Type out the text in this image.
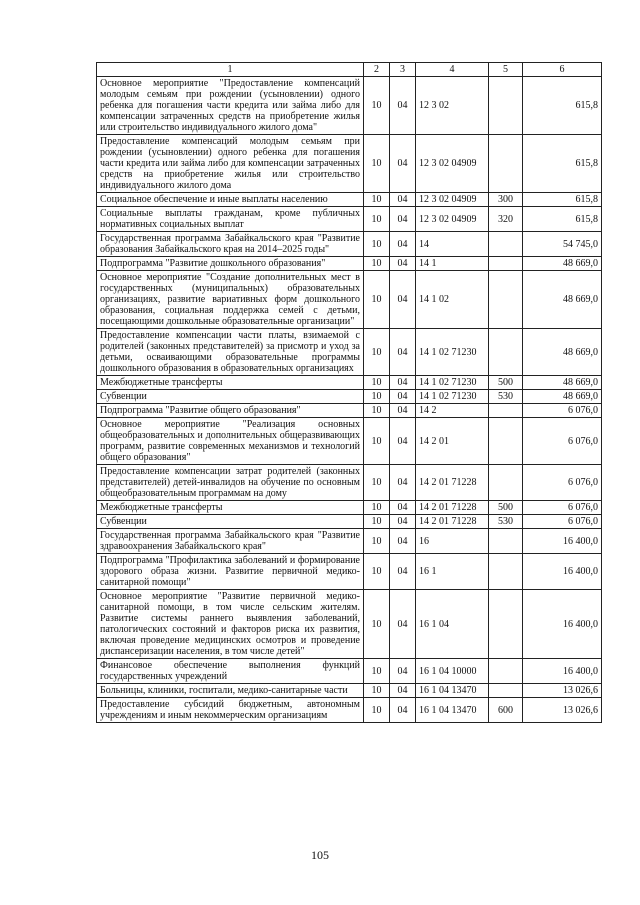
1	2	3	4	5	6
Основное мероприятие "Предоставление компенсаций молодым семьям при рождении (усыновлении) одного ребенка для погашения части кредита или займа либо для компенсации затраченных средств на приобретение жилья или строительство индивидуального жилого дома"	10	04	12 3 02		615,8
Предоставление компенсаций молодым семьям при рождении (усыновлении) одного ребенка для погашения части кредита или займа либо для компенсации затраченных средств на приобретение жилья или строительство индивидуального жилого дома	10	04	12 3 02 04909		615,8
Социальное обеспечение и иные выплаты населению	10	04	12 3 02 04909	300	615,8
Социальные выплаты гражданам, кроме публичных нормативных социальных выплат	10	04	12 3 02 04909	320	615,8
Государственная программа Забайкальского края "Развитие образования Забайкальского края на 2014–2025 годы"	10	04	14		54 745,0
Подпрограмма "Развитие дошкольного образования"	10	04	14 1		48 669,0
Основное мероприятие "Создание дополнительных мест в государственных (муниципальных) образовательных организациях, развитие вариативных форм дошкольного образования, социальная поддержка семей с детьми, посещающими дошкольные образовательные организации"	10	04	14 1 02		48 669,0
Предоставление компенсации части платы, взимаемой с родителей (законных представителей) за присмотр и уход за детьми, осваивающими образовательные программы дошкольного образования в образовательных организациях	10	04	14 1 02 71230		48 669,0
Межбюджетные трансферты	10	04	14 1 02 71230	500	48 669,0
Субвенции	10	04	14 1 02 71230	530	48 669,0
Подпрограмма "Развитие общего образования"	10	04	14 2		6 076,0
Основное мероприятие "Реализация основных общеобразовательных и дополнительных общеразвивающих программ, развитие современных механизмов и технологий общего образования"	10	04	14 2 01		6 076,0
Предоставление компенсации затрат родителей (законных представителей) детей-инвалидов на обучение по основным общеобразовательным программам на дому	10	04	14 2 01 71228		6 076,0
Межбюджетные трансферты	10	04	14 2 01 71228	500	6 076,0
Субвенции	10	04	14 2 01 71228	530	6 076,0
Государственная программа Забайкальского края "Развитие здравоохранения Забайкальского края"	10	04	16		16 400,0
Подпрограмма "Профилактика заболеваний и формирование здорового образа жизни. Развитие первичной медико-санитарной помощи"	10	04	16 1		16 400,0
Основное мероприятие "Развитие первичной медико-санитарной помощи, в том числе сельским жителям. Развитие системы раннего выявления заболеваний, патологических состояний и факторов риска их развития, включая проведение медицинских осмотров и проведение диспансеризации населения, в том числе детей"	10	04	16 1 04		16 400,0
Финансовое обеспечение выполнения функций государственных учреждений	10	04	16 1 04 10000		16 400,0
Больницы, клиники, госпитали, медико-санитарные части	10	04	16 1 04 13470		13 026,6
Предоставление субсидий бюджетным, автономным учреждениям и иным некоммерческим организациям	10	04	16 1 04 13470	600	13 026,6
105
